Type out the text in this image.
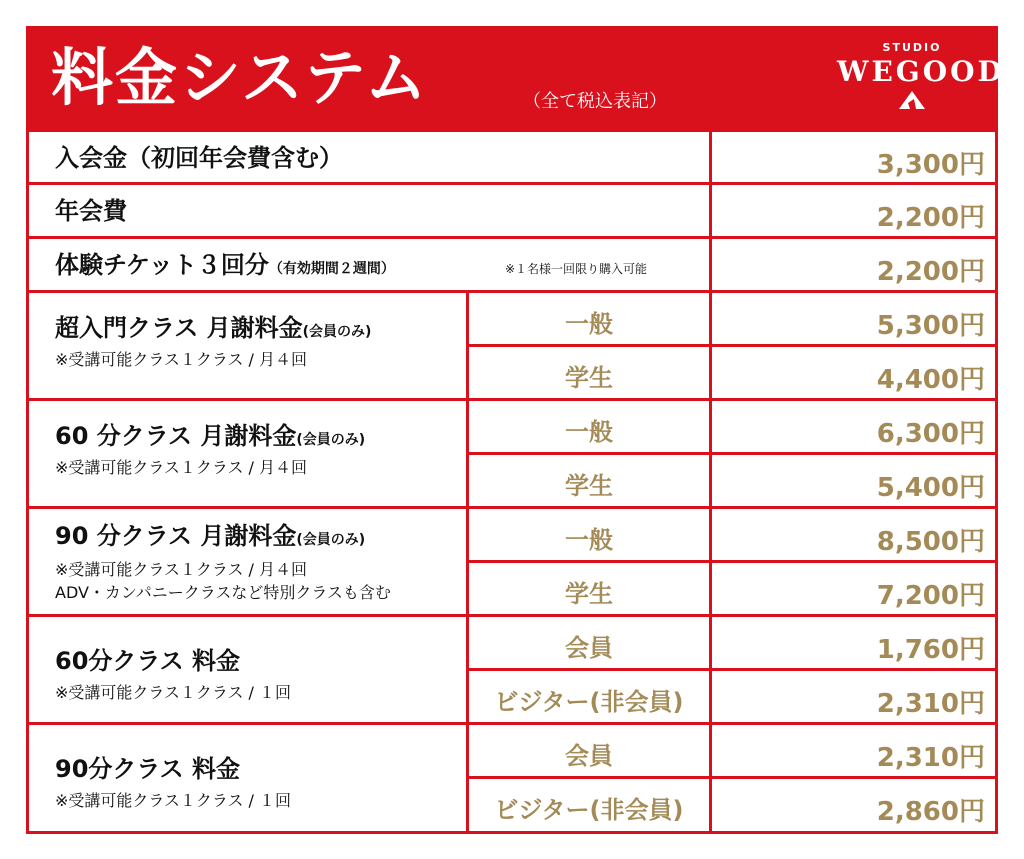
料金システム	（全て税込表記）
STUDIO
WEGOOD
入会金（初回年会費含む）	3,300円
年会費	2,200円
体験チケット３回分（有効期間２週間）	※１名様一回限り購入可能	2,200円
超入門クラス 月謝料金(会員のみ)
※受講可能クラス１クラス / 月４回
一般	5,300円
学生	4,400円
60 分クラス 月謝料金(会員のみ)
※受講可能クラス１クラス / 月４回
一般	6,300円
学生	5,400円
90 分クラス 月謝料金(会員のみ)
※受講可能クラス１クラス / 月４回
ADV・カンパニークラスなど特別クラスも含む
一般	8,500円
学生	7,200円
60分クラス 料金
※受講可能クラス１クラス / １回
会員	1,760円
ビジター(非会員)	2,310円
90分クラス 料金
※受講可能クラス１クラス / １回
会員	2,310円
ビジター(非会員)	2,860円
